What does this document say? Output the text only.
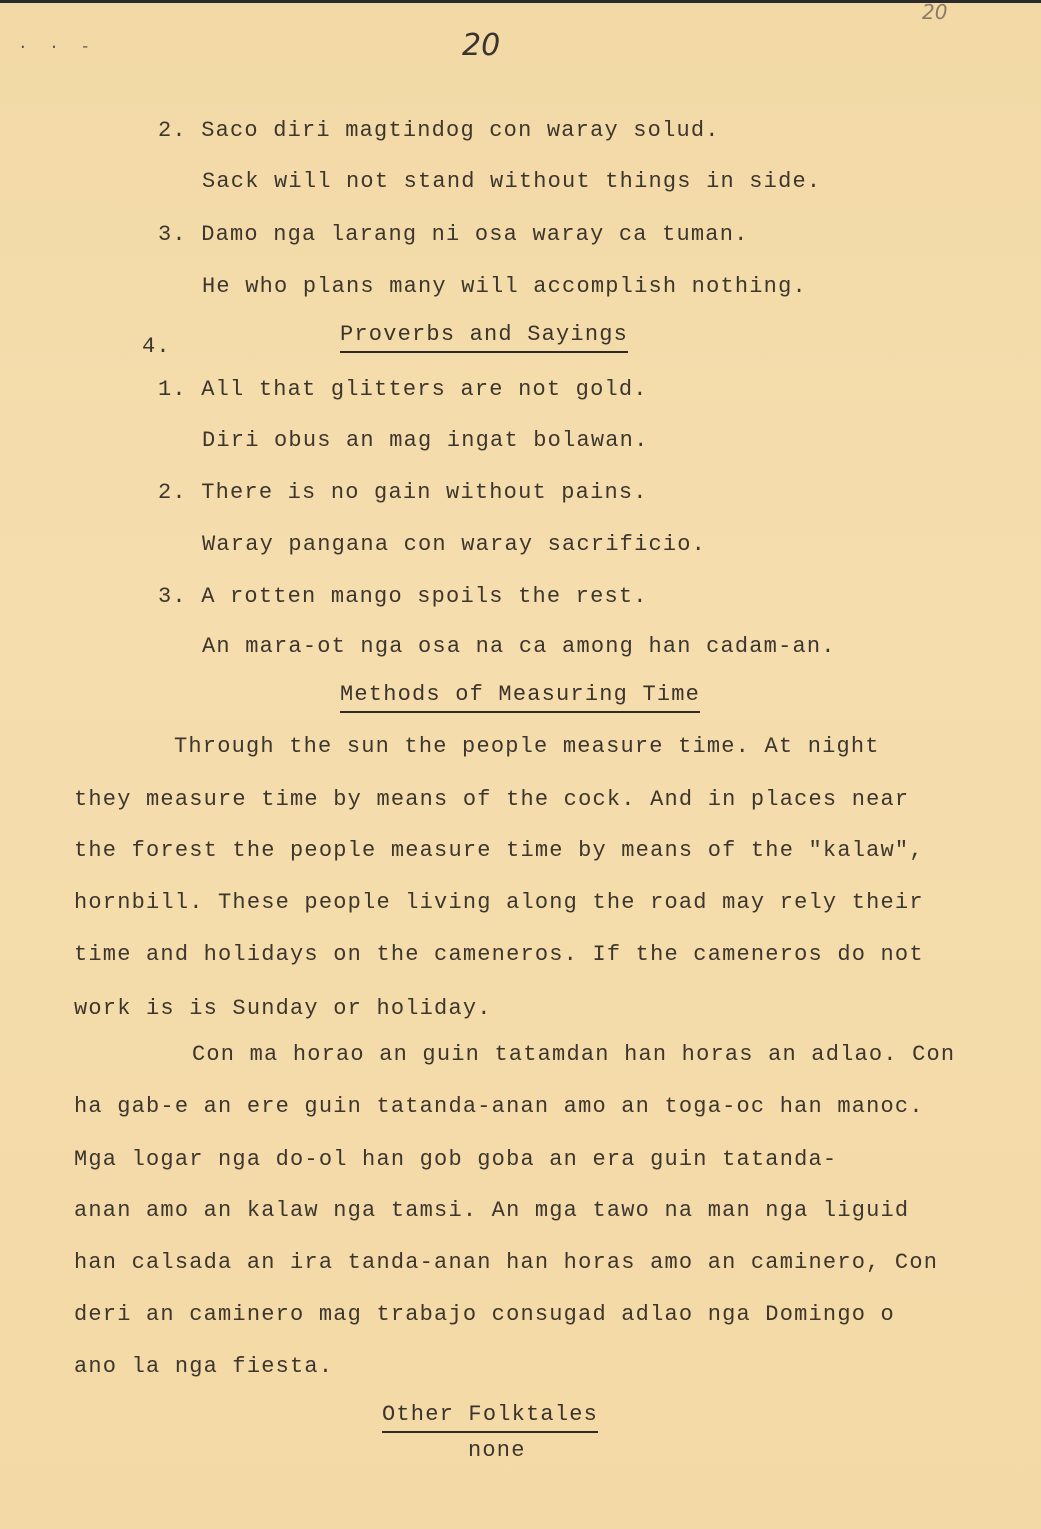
· · -	20
20
2. Saco diri magtindog con waray solud.
Sack will not stand without things in side.
3. Damo nga larang ni osa waray ca tuman.
He who plans many will accomplish nothing.
4.	Proverbs and Sayings
1. All that glitters are not gold.
Diri obus an mag ingat bolawan.
2. There is no gain without pains.
Waray pangana con waray sacrificio.
3. A rotten mango spoils the rest.
An mara-ot nga osa na ca among han cadam-an.
Methods of Measuring Time
Through the sun the people measure time. At night
they measure time by means of the cock. And in places near
the forest the people measure time by means of the "kalaw",
hornbill. These people living along the road may rely their
time and holidays on the cameneros. If the cameneros do not
work is is Sunday or holiday.
Con ma horao an guin tatamdan han horas an adlao. Con
ha gab-e an ere guin tatanda-anan amo an toga-oc han manoc.
Mga logar nga do-ol han gob goba an era guin tatanda-
anan amo an kalaw nga tamsi. An mga tawo na man nga liguid
han calsada an ira tanda-anan han horas amo an caminero, Con
deri an caminero mag trabajo consugad adlao nga Domingo o
ano la nga fiesta.
Other Folktales
none
